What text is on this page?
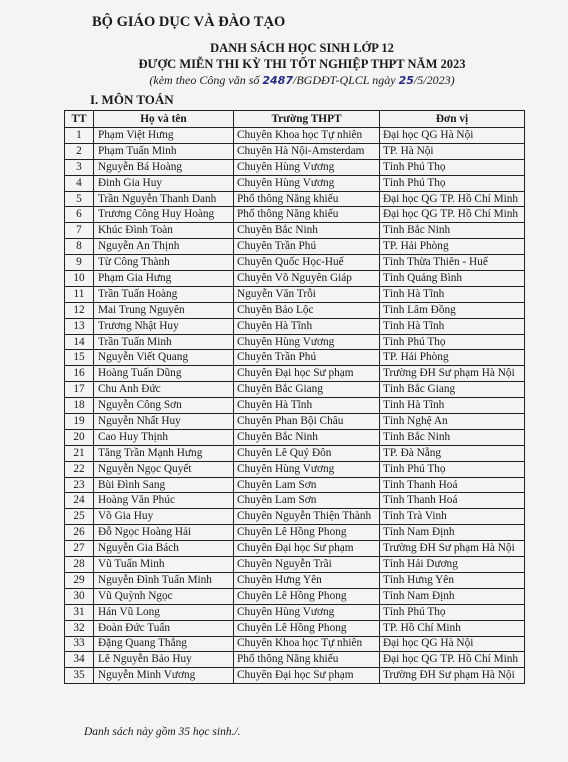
BỘ GIÁO DỤC VÀ ĐÀO TẠO
DANH SÁCH HỌC SINH LỚP 12
ĐƯỢC MIỄN THI KỲ THI TỐT NGHIỆP THPT NĂM 2023
(kèm theo Công văn số 2487/BGDĐT-QLCL ngày 25/5/2023)
I. MÔN TOÁN
TT	Họ và tên	Trường THPT	Đơn vị
1	Phạm Việt Hưng	Chuyên Khoa học Tự nhiên	Đại học QG Hà Nội
2	Phạm Tuấn Minh	Chuyên Hà Nội-Amsterdam	TP. Hà Nội
3	Nguyễn Bá Hoàng	Chuyên Hùng Vương	Tỉnh Phú Thọ
4	Đinh Gia Huy	Chuyên Hùng Vương	Tỉnh Phú Thọ
5	Trần Nguyễn Thanh Danh	Phổ thông Năng khiếu	Đại học QG TP. Hồ Chí Minh
6	Trương Công Huy Hoàng	Phổ thông Năng khiếu	Đại học QG TP. Hồ Chí Minh
7	Khúc Đình Toàn	Chuyên Bắc Ninh	Tỉnh Bắc Ninh
8	Nguyễn An Thịnh	Chuyên Trần Phú	TP. Hải Phòng
9	Từ Công Thành	Chuyên Quốc Học-Huế	Tỉnh Thừa Thiên - Huế
10	Phạm Gia Hưng	Chuyên Võ Nguyên Giáp	Tỉnh Quảng Bình
11	Trần Tuấn Hoàng	Nguyễn Văn Trỗi	Tỉnh Hà Tĩnh
12	Mai Trung Nguyên	Chuyên Bảo Lộc	Tỉnh Lâm Đồng
13	Trương Nhật Huy	Chuyên Hà Tĩnh	Tỉnh Hà Tĩnh
14	Trần Tuấn Minh	Chuyên Hùng Vương	Tỉnh Phú Thọ
15	Nguyễn Viết Quang	Chuyên Trần Phú	TP. Hải Phòng
16	Hoàng Tuấn Dũng	Chuyên Đại học Sư phạm	Trường ĐH Sư phạm Hà Nội
17	Chu Anh Đức	Chuyên Bắc Giang	Tỉnh Bắc Giang
18	Nguyễn Công Sơn	Chuyên Hà Tĩnh	Tỉnh Hà Tĩnh
19	Nguyễn Nhất Huy	Chuyên Phan Bội Châu	Tỉnh Nghệ An
20	Cao Huy Thịnh	Chuyên Bắc Ninh	Tỉnh Bắc Ninh
21	Tăng Trần Mạnh Hưng	Chuyên Lê Quý Đôn	TP. Đà Nẵng
22	Nguyễn Ngọc Quyết	Chuyên Hùng Vương	Tỉnh Phú Thọ
23	Bùi Đình Sang	Chuyên Lam Sơn	Tỉnh Thanh Hoá
24	Hoàng Văn Phúc	Chuyên Lam Sơn	Tỉnh Thanh Hoá
25	Võ Gia Huy	Chuyên Nguyễn Thiện Thành	Tỉnh Trà Vinh
26	Đỗ Ngọc Hoàng Hải	Chuyên Lê Hồng Phong	Tỉnh Nam Định
27	Nguyễn Gia Bách	Chuyên Đại học Sư phạm	Trường ĐH Sư phạm Hà Nội
28	Vũ Tuấn Minh	Chuyên Nguyễn Trãi	Tỉnh Hải Dương
29	Nguyễn Đình Tuấn Minh	Chuyên Hưng Yên	Tỉnh Hưng Yên
30	Vũ Quỳnh Ngọc	Chuyên Lê Hồng Phong	Tỉnh Nam Định
31	Hán Vũ Long	Chuyên Hùng Vương	Tỉnh Phú Thọ
32	Đoàn Đức Tuấn	Chuyên Lê Hồng Phong	TP. Hồ Chí Minh
33	Đặng Quang Thắng	Chuyên Khoa học Tự nhiên	Đại học QG Hà Nội
34	Lê Nguyễn Bảo Huy	Phổ thông Năng khiếu	Đại học QG TP. Hồ Chí Minh
35	Nguyễn Minh Vương	Chuyên Đại học Sư phạm	Trường ĐH Sư phạm Hà Nội
Danh sách này gồm 35 học sinh./.
